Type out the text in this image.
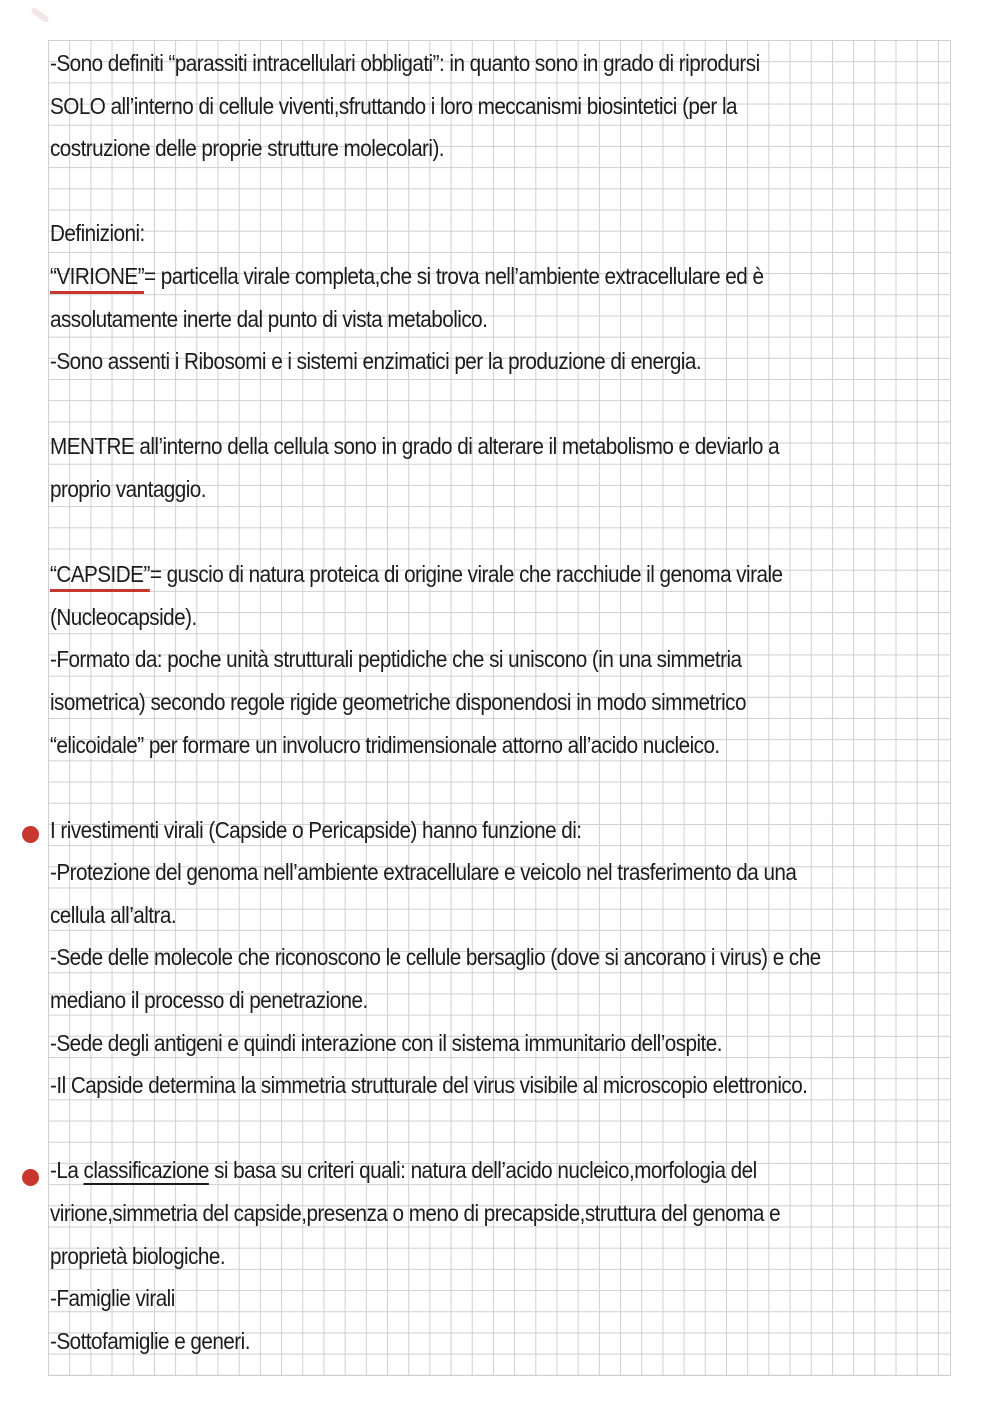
-Sono definiti “parassiti intracellulari obbligati”: in quanto sono in grado di riprodursi
SOLO all’interno di cellule viventi,sfruttando i loro meccanismi biosintetici (per la
costruzione delle proprie strutture molecolari).
Definizioni:
“VIRIONE”= particella virale completa,che si trova nell’ambiente extracellulare ed è
assolutamente inerte dal punto di vista metabolico.
-Sono assenti i Ribosomi e i sistemi enzimatici per la produzione di energia.
MENTRE all’interno della cellula sono in grado di alterare il metabolismo e deviarlo a
proprio vantaggio.
“CAPSIDE”= guscio di natura proteica di origine virale che racchiude il genoma virale
(Nucleocapside).
-Formato da: poche unità strutturali peptidiche che si uniscono (in una simmetria
isometrica) secondo regole rigide geometriche disponendosi in modo simmetrico
“elicoidale” per formare un involucro tridimensionale attorno all’acido nucleico.
I rivestimenti virali (Capside o Pericapside) hanno funzione di:
-Protezione del genoma nell’ambiente extracellulare e veicolo nel trasferimento da una
cellula all’altra.
-Sede delle molecole che riconoscono le cellule bersaglio (dove si ancorano i virus) e che
mediano il processo di penetrazione.
-Sede degli antigeni e quindi interazione con il sistema immunitario dell’ospite.
-Il Capside determina la simmetria strutturale del virus visibile al microscopio elettronico.
-La classificazione si basa su criteri quali: natura dell’acido nucleico,morfologia del
virione,simmetria del capside,presenza o meno di precapside,struttura del genoma e
proprietà biologiche.
-Famiglie virali
-Sottofamiglie e generi.
